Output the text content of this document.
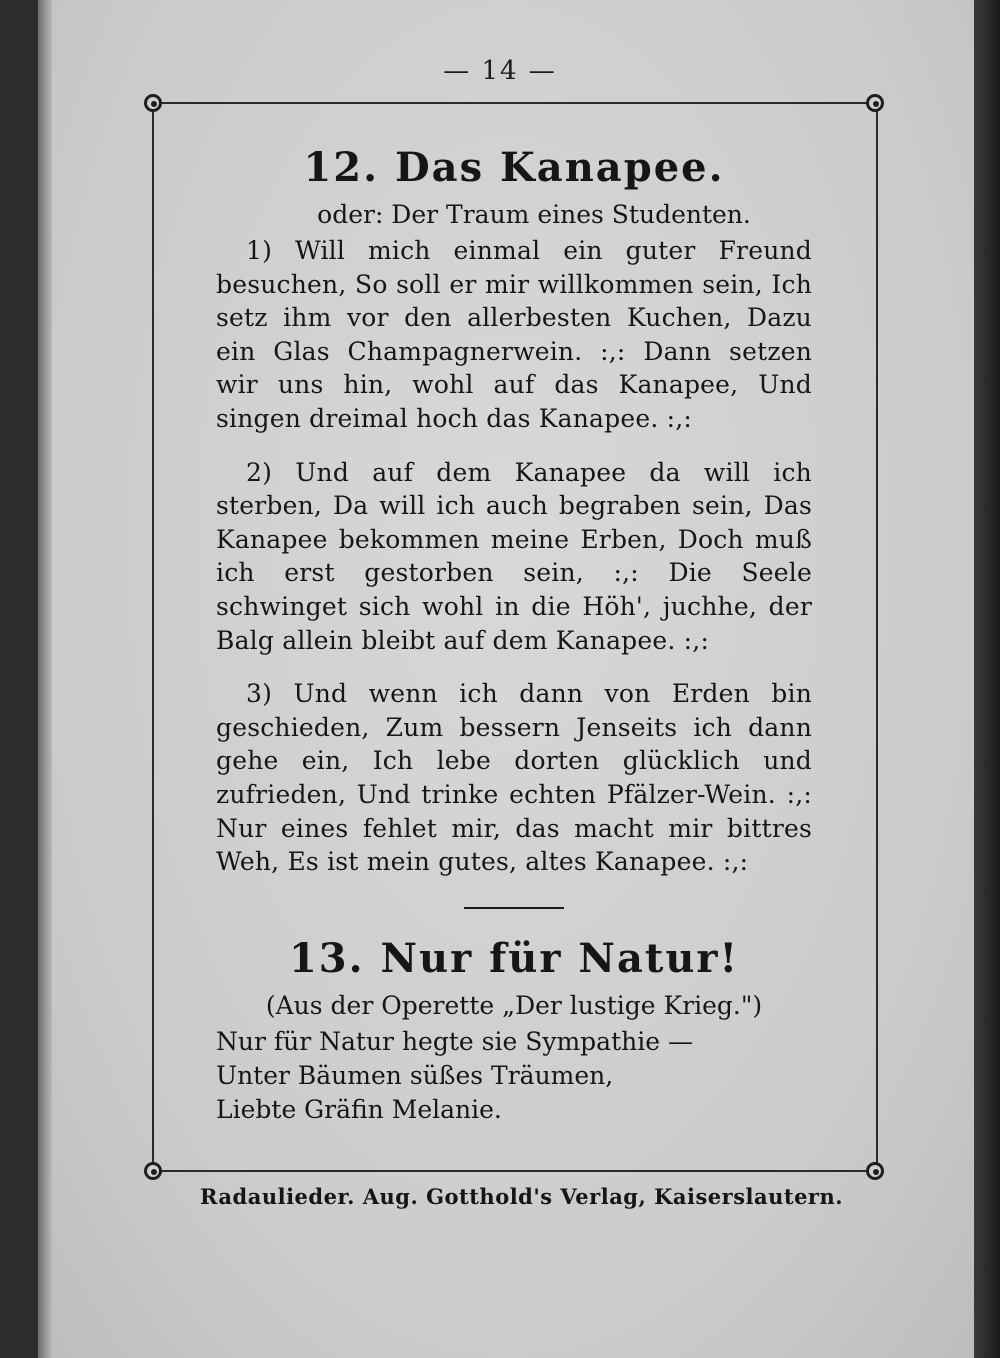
— 14 —
12. Das Kanapee.

oder: Der Traum eines Studenten.

1) Will mich einmal ein guter Freund besuchen, So soll er mir willkommen sein, Ich setz ihm vor den allerbesten Kuchen, Dazu ein Glas Champagnerwein. :,: Dann setzen wir uns hin, wohl auf das Kanapee, Und singen dreimal hoch das Kanapee. :,:

2) Und auf dem Kanapee da will ich sterben, Da will ich auch begraben sein, Das Kanapee bekommen meine Erben, Doch muß ich erst gestorben sein, :,: Die Seele schwinget sich wohl in die Höh', juchhe, der Balg allein bleibt auf dem Kanapee. :,:

3) Und wenn ich dann von Erden bin geschieden, Zum bessern Jenseits ich dann gehe ein, Ich lebe dorten glücklich und zufrieden, Und trinke echten Pfälzer-Wein. :,: Nur eines fehlet mir, das macht mir bittres Weh, Es ist mein gutes, altes Kanapee. :,:

13. Nur für Natur!

(Aus der Operette „Der lustige Krieg.")

Nur für Natur hegte sie Sympathie —

Unter Bäumen süßes Träumen,

Liebte Gräfin Melanie.

Radaulieder. Aug. Gotthold's Verlag, Kaiserslautern.
